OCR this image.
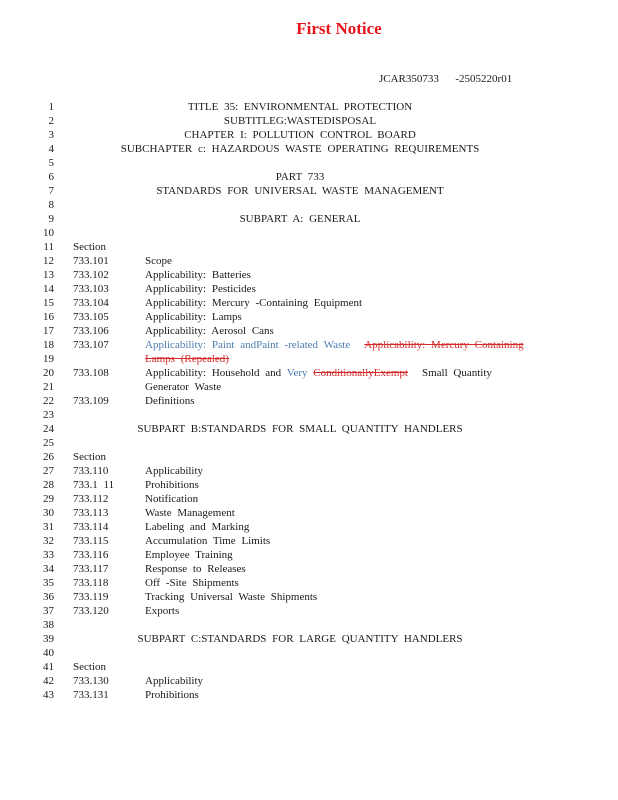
First Notice
JCAR350733      -2505220r01
1
2
3
4
5
6
7
8
9
10
11
12
13
14
15
16
17
18
19
20
21
22
23
24
25
26
27
28
29
30
31
32
33
34
35
36
37
38
39
40
41
42
43
TITLE 35: ENVIRONMENTAL PROTECTION
SUBTITLEG:WASTEDISPOSAL
CHAPTER I: POLLUTION CONTROL BOARD
SUBCHAPTER c: HAZARDOUS WASTE OPERATING REQUIREMENTS
PART 733
STANDARDS FOR UNIVERSAL WASTE MANAGEMENT
SUBPART A: GENERAL
Section
733.101	Scope
733.102	Applicability: Batteries
733.103	Applicability: Pesticides
733.104	Applicability: Mercury -Containing Equipment
733.105	Applicability: Lamps
733.106	Applicability: Aerosol Cans
733.107	Applicability: Paint andPaint -related Waste Applicability: Mercury Containing
Lamps (Repealed)
733.108	Applicability: Household and Very ConditionallyExempt Small Quantity
Generator Waste
733.109	Definitions
SUBPART B:STANDARDS FOR SMALL QUANTITY HANDLERS
Section
733.110	Applicability
733.1 11	Prohibitions
733.112	Notification
733.113	Waste Management
733.114	Labeling and Marking
733.115	Accumulation Time Limits
733.116	Employee Training
733.117	Response to Releases
733.118	Off -Site Shipments
733.119	Tracking Universal Waste Shipments
733.120	Exports
SUBPART C:STANDARDS FOR LARGE QUANTITY HANDLERS
Section
733.130	Applicability
733.131	Prohibitions
